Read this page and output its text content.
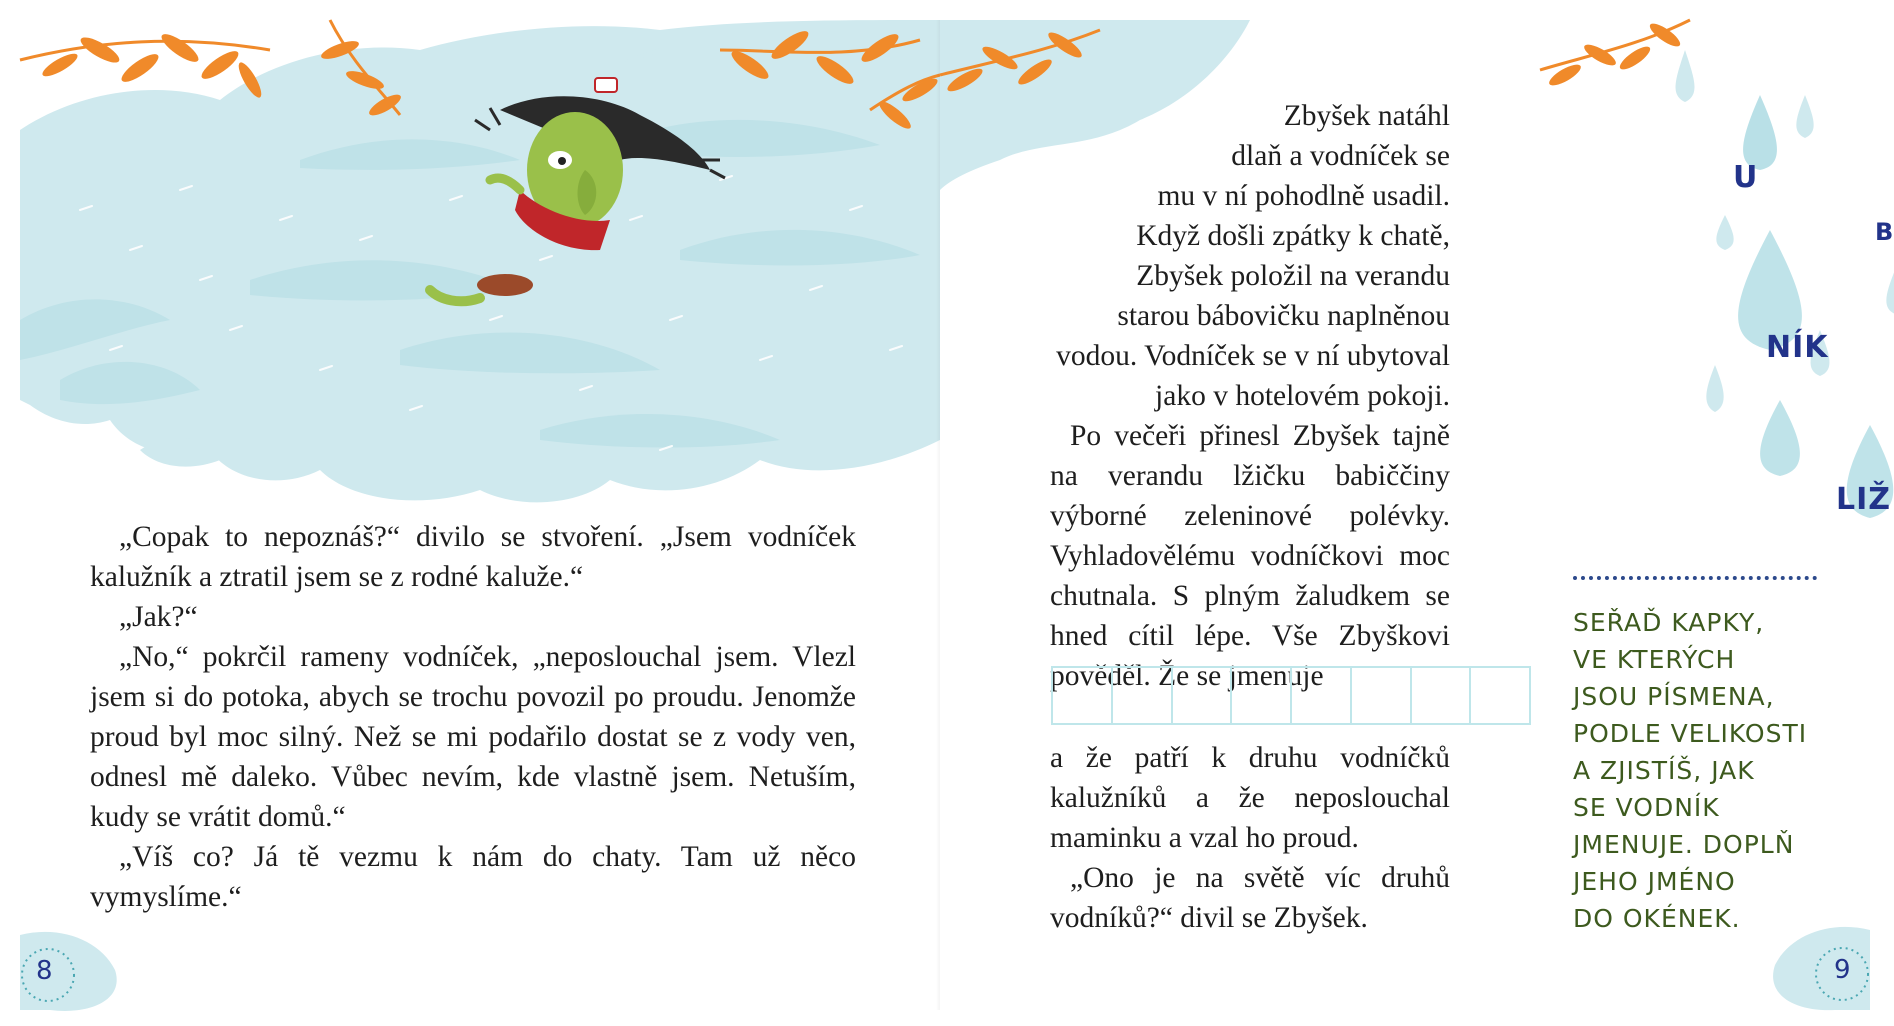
„Copak to nepoznáš?“ divilo se stvoření. „Jsem vodníček kalužník a ztratil jsem se z rodné kaluže.“

„Jak?“

„No,“ pokrčil rameny vodníček, „neposlouchal jsem. Vlezl jsem si do potoka, abych se trochu povozil po proudu. Jenomže proud byl moc silný. Než se mi podařilo dostat se z vody ven, odnesl mě daleko. Vůbec nevím, kde vlastně jsem. Netuším, kudy se vrátit domů.“

„Víš co? Já tě vezmu k nám do chaty. Tam už něco vymyslíme.“

8
U
B
NÍK
LIŽ

Zbyšek natáhl

dlaň a vodníček se

mu v ní pohodlně usadil.

Když došli zpátky k chatě,

Zbyšek položil na verandu

starou bábovičku naplněnou

vodou. Vodníček se v ní ubytoval

jako v hotelovém pokoji.

Po večeři přinesl Zbyšek tajně na verandu lžičku babiččiny výborné zeleninové polévky. Vyhladovělému vodníčkovi moc chutnala. S plným žaludkem se hned cítil lépe. Vše Zbyškovi pověděl. Že se jmenuje

a že patří k druhu vodníčků kalužníků a že neposlouchal maminku a vzal ho proud.

„Ono je na světě víc druhů vodníků?“ divil se Zbyšek.

SEŘAĎ KAPKY,
VE KTERÝCH
JSOU PÍSMENA,
PODLE VELIKOSTI
A ZJISTÍŠ, JAK
SE VODNÍK
JMENUJE. DOPLŇ
JEHO JMÉNO
DO OKÉNEK.
9
